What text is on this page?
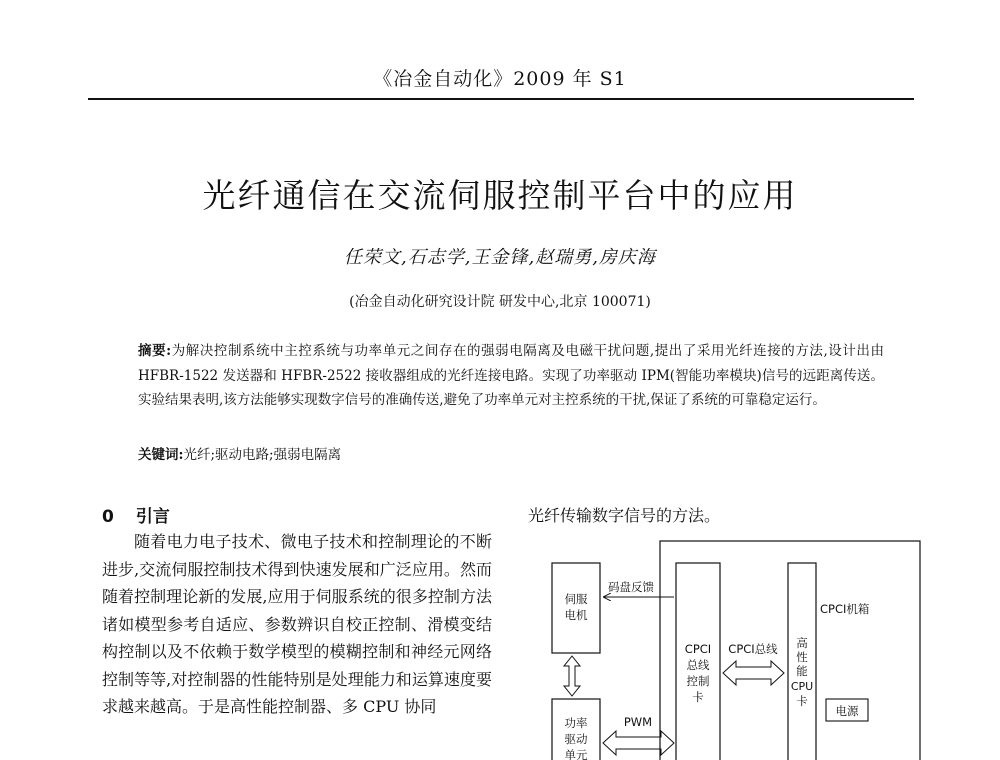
《冶金自动化》2009 年 S1
光纤通信在交流伺服控制平台中的应用
任荣文,石志学,王金锋,赵瑞勇,房庆海
(冶金自动化研究设计院 研发中心,北京 100071)
摘要:为解决控制系统中主控系统与功率单元之间存在的强弱电隔离及电磁干扰问题,提出了采用光纤连接的方法,设计出由 HFBR-1522 发送器和 HFBR-2522 接收器组成的光纤连接电路。实现了功率驱动 IPM(智能功率模块)信号的远距离传送。实验结果表明,该方法能够实现数字信号的准确传送,避免了功率单元对主控系统的干扰,保证了系统的可靠稳定运行。
关键词:光纤;驱动电路;强弱电隔离
0 引言
随着电力电子技术、微电子技术和控制理论的不断进步,交流伺服控制技术得到快速发展和广泛应用。然而随着控制理论新的发展,应用于伺服系统的很多控制方法诸如模型参考自适应、参数辨识自校正控制、滑模变结构控制以及不依赖于数学模型的模糊控制和神经元网络控制等等,对控制器的性能特别是处理能力和运算速度要求越来越高。于是高性能控制器、多 CPU 协同
光纤传输数字信号的方法。
CPCI机箱
伺服
电机
功率
驱动
单元
CPCI
总线
控制
卡
高
性
能
CPU
卡
电源
码盘反馈
CPCI总线
PWM
